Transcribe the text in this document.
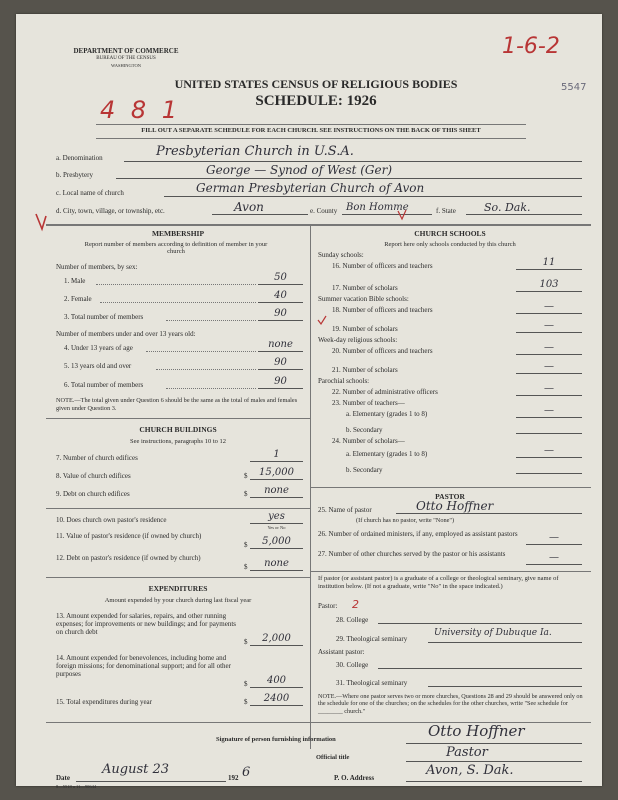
DEPARTMENT OF COMMERCE
BUREAU OF THE CENSUS
WASHINGTON
UNITED STATES CENSUS OF RELIGIOUS BODIES
SCHEDULE: 1926
FILL OUT A SEPARATE SCHEDULE FOR EACH CHURCH. SEE INSTRUCTIONS ON THE BACK OF THIS SHEET
5547
1-6-2
4 8 1
a. Denomination	Presbyterian Church in U.S.A.
b. Presbytery	George — Synod of West (Ger)
c. Local name of church	German Presbyterian Church of Avon
d. City, town, village, or township, etc.	Avon	e. County Bon Homme	f. State	So. Dak.
MEMBERSHIP
Report number of members according to definition of member in your church
Number of members, by sex:
1. Male	50
2. Female	40
3. Total number of members	90
Number of members under and over 13 years old:
4. Under 13 years of age	none
5. 13 years old and over	90
6. Total number of members	90
NOTE.—The total given under Question 6 should be the same as the total of males and females given under Question 3.
CHURCH BUILDINGS
See instructions, paragraphs 10 to 12
7. Number of church edifices	1
8. Value of church edifices	$	15,000
9. Debt on church edifices	$	none
10. Does church own pastor's residence	yes
Yes or No
11. Value of pastor's residence (if owned by church)
$	5,000
12. Debt on pastor's residence (if owned by church)
$	none
EXPENDITURES
Amount expended by your church during last fiscal year
13. Amount expended for salaries, repairs, and other running expenses; for improvements or new buildings; and for payments on church debt
$	2,000
14. Amount expended for benevolences, including home and foreign missions; for denominational support; and for all other purposes
$	400
15. Total expenditures during year	$	2400
CHURCH SCHOOLS
Report here only schools conducted by this church
Sunday schools:
PASTOR
25. Name of pastor	Otto Hoffner
(If church has no pastor, write "None")
26. Number of ordained ministers, if any, employed as assistant pastors	—
27. Number of other churches served by the pastor or his assistants	—
If pastor (or assistant pastor) is a graduate of a college or theological seminary, give name of institution below. (If not a graduate, write "No" in the space indicated.)
Pastor: 2
28. College
29. Theological seminary
University of Dubuque Ia.
Assistant pastor:
30. College
31. Theological seminary
NOTE.—Where one pastor serves two or more churches, Questions 28 and 29 should be answered only on the schedule for one of the churches; on the schedules for the other churches, write "See schedule for ________ church."
Signature of person furnishing information	Otto Hoffner
Official title	Pastor
Date
August 23
192 6	P. O. Address	Avon, S. Dak.
8—5518 a 11—90644
16. Number of officers and teachers	11
17. Number of scholars	103
Summer vacation Bible schools:
18. Number of officers and teachers	—
19. Number of scholars	—
Week-day religious schools:
20. Number of officers and teachers	—
21. Number of scholars	—
Parochial schools:
22. Number of administrative officers	—
23. Number of teachers—
a. Elementary (grades 1 to 8)	—
b. Secondary
24. Number of scholars—
a. Elementary (grades 1 to 8)	—
b. Secondary
